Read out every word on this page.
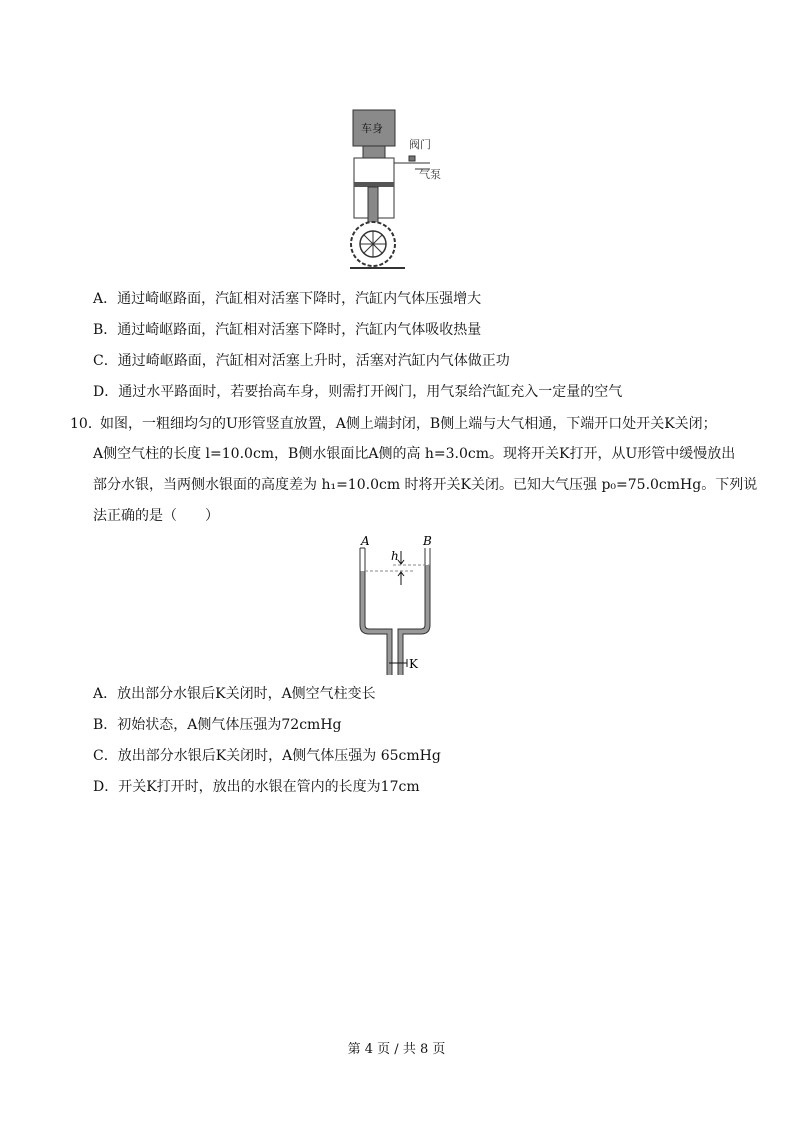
车身
阀门
气泵
A．通过崎岖路面，汽缸相对活塞下降时，汽缸内气体压强增大
B．通过崎岖路面，汽缸相对活塞下降时，汽缸内气体吸收热量
C．通过崎岖路面，汽缸相对活塞上升时，活塞对汽缸内气体做正功
D．通过水平路面时，若要抬高车身，则需打开阀门，用气泵给汽缸充入一定量的空气
10．
如图，一粗细均匀的U形管竖直放置，A侧上端封闭，B侧上端与大气相通，下端开口处开关K关闭；
A侧空气柱的长度 l=10.0cm，B侧水银面比A侧的高 h=3.0cm。现将开关K打开，从U形管中缓慢放出
部分水银，当两侧水银面的高度差为 h₁=10.0cm 时将开关K关闭。已知大气压强 p₀=75.0cmHg。下列说
法正确的是（　　）
A	B
h
K
A．放出部分水银后K关闭时，A侧空气柱变长
B．初始状态，A侧气体压强为72cmHg
C．放出部分水银后K关闭时，A侧气体压强为 65cmHg
D．开关K打开时，放出的水银在管内的长度为17cm
第 4 页 / 共 8 页
